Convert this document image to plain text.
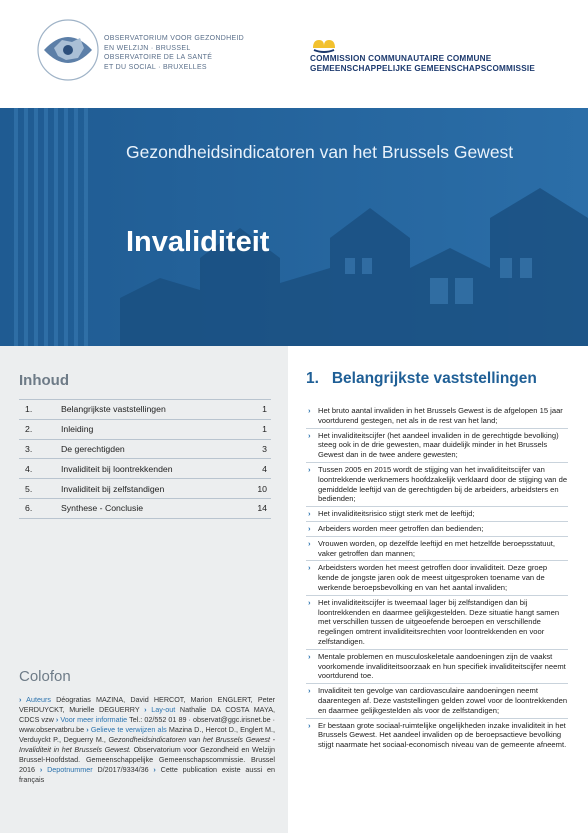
OBSERVATORIUM VOOR GEZONDHEID
EN WELZIJN · BRUSSEL
OBSERVATOIRE DE LA SANTÉ
ET DU SOCIAL · BRUXELLES
COMMISSION COMMUNAUTAIRE COMMUNE
GEMEENSCHAPPELIJKE GEMEENSCHAPSCOMMISSIE
Gezondheidsindicatoren van het Brussels Gewest
Invaliditeit
Inhoud
1.	Belangrijkste vaststellingen	1
2.	Inleiding	1
3.	De gerechtigden	3
4.	Invaliditeit bij loontrekkenden	4
5.	Invaliditeit bij zelfstandigen	10
6.	Synthese - Conclusie	14
Colofon
› Auteurs Déogratias MAZINA, David HERCOT, Marion ENGLERT, Peter VERDUYCKT, Murielle DEGUERRY › Lay-out Nathalie DA COSTA MAYA, CDCS vzw › Voor meer informatie Tel.: 02/552 01 89 · observat@ggc.irisnet.be · www.observatbru.be › Gelieve te verwijzen als Mazina D., Hercot D., Englert M., Verduyckt P., Deguerry M., Gezondheidsindicatoren van het Brussels Gewest - Invaliditeit in het Brussels Gewest. Observatorium voor Gezondheid en Welzijn Brussel-Hoofdstad. Gemeenschappelijke Gemeenschapscommissie. Brussel 2016 › Depotnummer D/2017/9334/36 › Cette publication existe aussi en français
1.   Belangrijkste vaststellingen
› Het bruto aantal invaliden in het Brussels Gewest is de afgelopen 15 jaar voortdurend gestegen, net als in de rest van het land;
› Het invaliditeitscijfer (het aandeel invaliden in de gerechtigde bevolking) steeg ook in de drie gewesten, maar duidelijk minder in het Brussels Gewest dan in de twee andere gewesten;
› Tussen 2005 en 2015 wordt de stijging van het invaliditeitscijfer van loontrekkende werknemers hoofdzakelijk verklaard door de stijging van de gemiddelde leeftijd van de gerechtigden bij de arbeiders, arbeidsters en bedienden;
› Het invaliditeitsrisico stijgt sterk met de leeftijd;
› Arbeiders worden meer getroffen dan bedienden;
› Vrouwen worden, op dezelfde leeftijd en met hetzelfde beroepsstatuut, vaker getroffen dan mannen;
› Arbeidsters worden het meest getroffen door invaliditeit. Deze groep kende de jongste jaren ook de meest uitgesproken toename van de werkende beroepsbevolking en van het aantal invaliden;
› Het invaliditeitscijfer is tweemaal lager bij zelfstandigen dan bij loontrekkenden en daarmee gelijkgestelden. Deze situatie hangt samen met verschillen tussen de uitgeoefende beroepen en verschillende regelingen omtrent invaliditeitsrechten voor loontrekkenden en voor zelfstandigen.
› Mentale problemen en musculoskeletale aandoeningen zijn de vaakst voorkomende invaliditeitsoorzaak en hun specifiek invaliditeitscijfer neemt voortdurend toe.
› Invaliditeit ten gevolge van cardiovasculaire aandoeningen neemt daarentegen af. Deze vaststellingen gelden zowel voor de loontrekkenden en daarmee gelijkgestelden als voor de zelfstandigen;
› Er bestaan grote sociaal-ruimtelijke ongelijkheden inzake invaliditeit in het Brussels Gewest. Het aandeel invaliden op de beroepsactieve bevolking stijgt naarmate het sociaal-economisch niveau van de gemeente afneemt.
